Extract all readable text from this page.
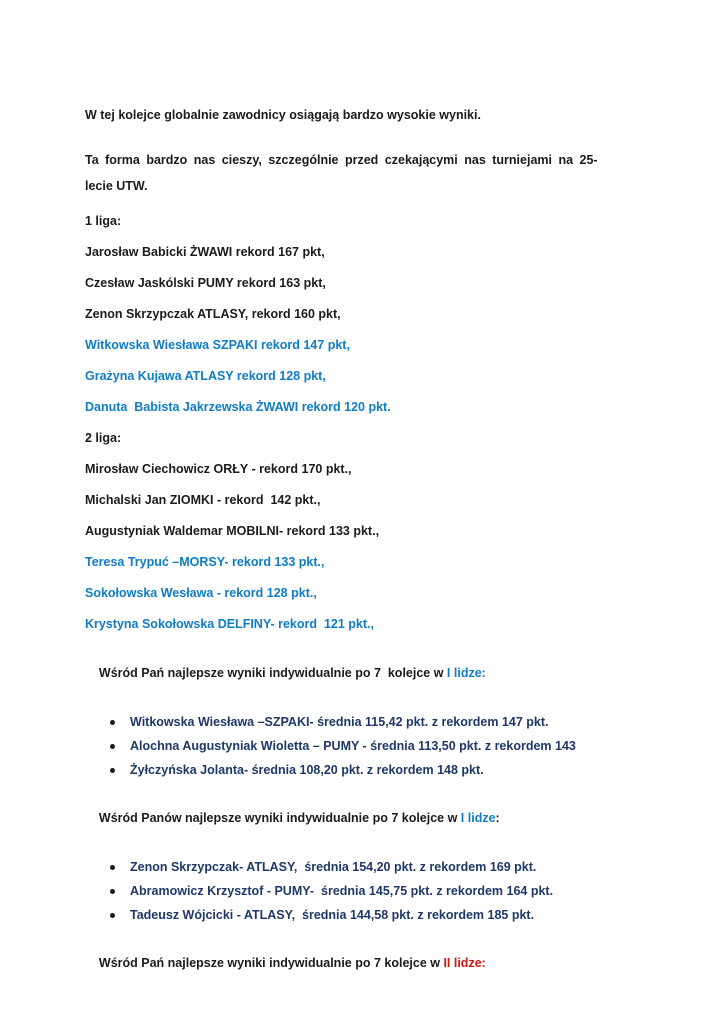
W tej kolejce globalnie zawodnicy osiągają bardzo wysokie wyniki.

Ta forma bardzo nas cieszy, szczególnie przed czekającymi nas turniejami na 25-
lecie UTW.

1 liga:

Jarosław Babicki ŻWAWI rekord 167 pkt,

Czesław Jaskólski PUMY rekord 163 pkt,

Zenon Skrzypczak ATLASY, rekord 160 pkt,

Witkowska Wiesława SZPAKI rekord 147 pkt,

Grażyna Kujawa ATLASY rekord 128 pkt,

Danuta  Babista Jakrzewska ŻWAWI rekord 120 pkt.

2 liga:

Mirosław Ciechowicz ORŁY - rekord 170 pkt.,

Michalski Jan ZIOMKI - rekord  142 pkt.,

Augustyniak Waldemar MOBILNI- rekord 133 pkt.,

Teresa Trypuć –MORSY- rekord 133 pkt.,

Sokołowska Wesława - rekord 128 pkt.,

Krystyna Sokołowska DELFINY- rekord  121 pkt.,

Wśród Pań najlepsze wyniki indywidualnie po 7  kolejce w I lidze:

Witkowska Wiesława –SZPAKI- średnia 115,42 pkt. z rekordem 147 pkt.
Alochna Augustyniak Wioletta – PUMY - średnia 113,50 pkt. z rekordem 143
Żyłczyńska Jolanta- średnia 108,20 pkt. z rekordem 148 pkt.

Wśród Panów najlepsze wyniki indywidualnie po 7 kolejce w I lidze:

Zenon Skrzypczak- ATLASY,  średnia 154,20 pkt. z rekordem 169 pkt.
Abramowicz Krzysztof - PUMY-  średnia 145,75 pkt. z rekordem 164 pkt.
Tadeusz Wójcicki - ATLASY,  średnia 144,58 pkt. z rekordem 185 pkt.

Wśród Pań najlepsze wyniki indywidualnie po 7 kolejce w II lidze:
